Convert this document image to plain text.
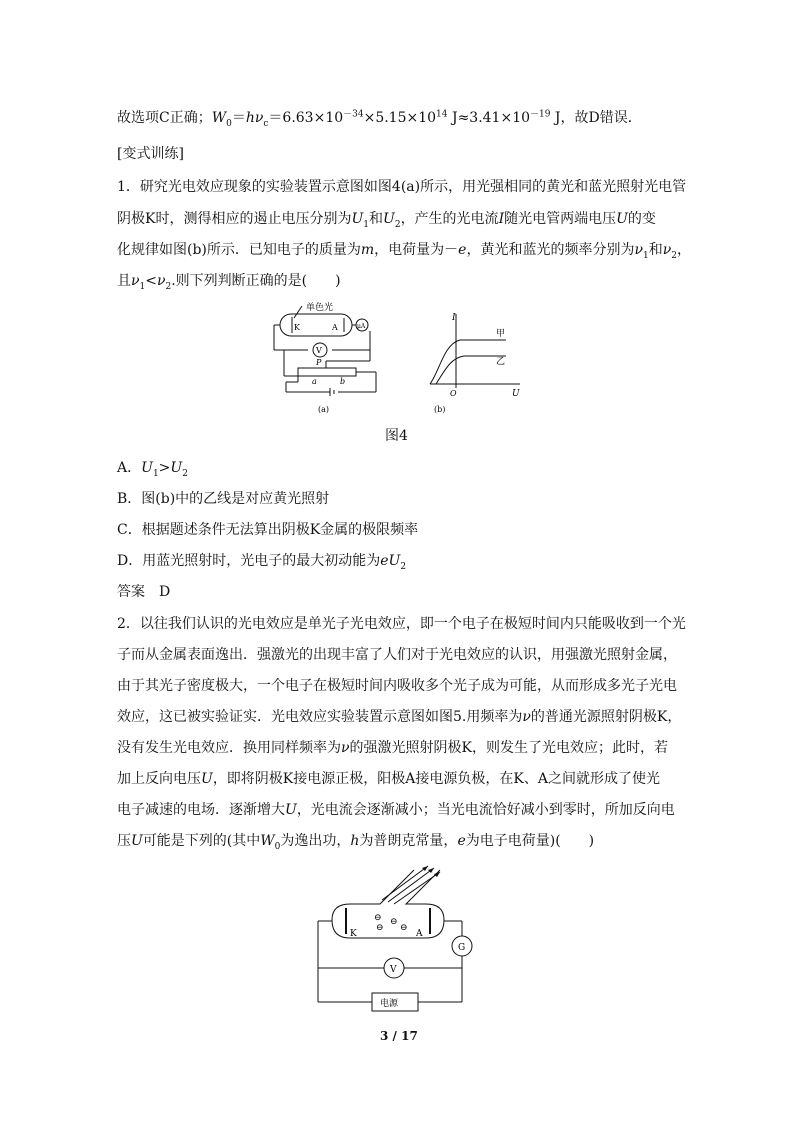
故选项C正确；$W_0=h\nu_c=6.63\times 10^{-34}\times 5.15\times 10^{14}$ $J\approx 3.41\times 10^{-19}$ J，故D错误．
[变式训练]
1．研究光电效应现象的实验装置示意图如图4(a)所示，用光强相同的黄光和蓝光照射光电管
阴极K时，测得相应的遏止电压分别为$U_1$和$U_2$，产生的光电流I随光电管两端电压U的变
化规律如图(b)所示．已知电子的质量为m，电荷量为－e，黄光和蓝光的频率分别为$\nu_1$和$\nu_2$，
且$\nu_1<\nu_2$.则下列判断正确的是(　　)
单色光
K	A	μA
V
P
a	b
(a)
I
甲
乙
O	U
(b)
图4
A．$U_1>U_2$
B．图(b)中的乙线是对应黄光照射
C．根据题述条件无法算出阴极K金属的极限频率
D．用蓝光照射时，光电子的最大初动能为$eU_2$
答案　D
2．以往我们认识的光电效应是单光子光电效应，即一个电子在极短时间内只能吸收到一个光
子而从金属表面逸出．强激光的出现丰富了人们对于光电效应的认识，用强激光照射金属，
由于其光子密度极大，一个电子在极短时间内吸收多个光子成为可能，从而形成多光子光电
效应，这已被实验证实．光电效应实验装置示意图如图5.用频率为ν的普通光源照射阴极K，
没有发生光电效应．换用同样频率为ν的强激光照射阴极K，则发生了光电效应；此时，若
加上反向电压U，即将阴极K接电源正极，阳极A接电源负极，在K、A之间就形成了使光
电子减速的电场．逐渐增大U，光电流会逐渐减小；当光电流恰好减小到零时，所加反向电
压U可能是下列的(其中$W_0$为逸出功，h为普朗克常量，e为电子电荷量)(　　)
⊖ ⊖
⊖ ⊖
K	A
G
V
电源
3 / 17
